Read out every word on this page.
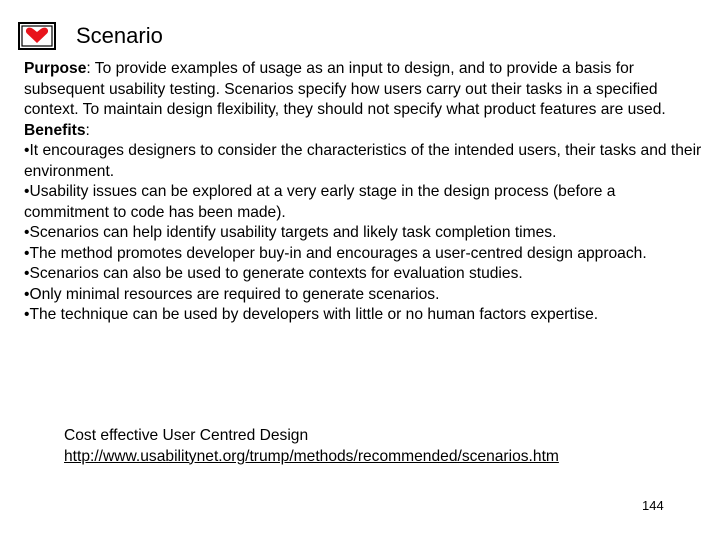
Scenario

Purpose: To provide examples of usage as an input to design, and to provide a basis for subsequent usability testing. Scenarios specify how users carry out their tasks in a specified context. To maintain design flexibility, they should not specify what product features are used.

Benefits:

•It encourages designers to consider the characteristics of the intended users, their tasks and their environment.

•Usability issues can be explored at a very early stage in the design process (before a commitment to code has been made).

•Scenarios can help identify usability targets and likely task completion times.

•The method promotes developer buy-in and encourages a user-centred design approach.

•Scenarios can also be used to generate contexts for evaluation studies.

•Only minimal resources are required to generate scenarios.

•The technique can be used by developers with little or no human factors expertise.

Cost effective User Centred Design
http://www.usabilitynet.org/trump/methods/recommended/scenarios.htm
144
